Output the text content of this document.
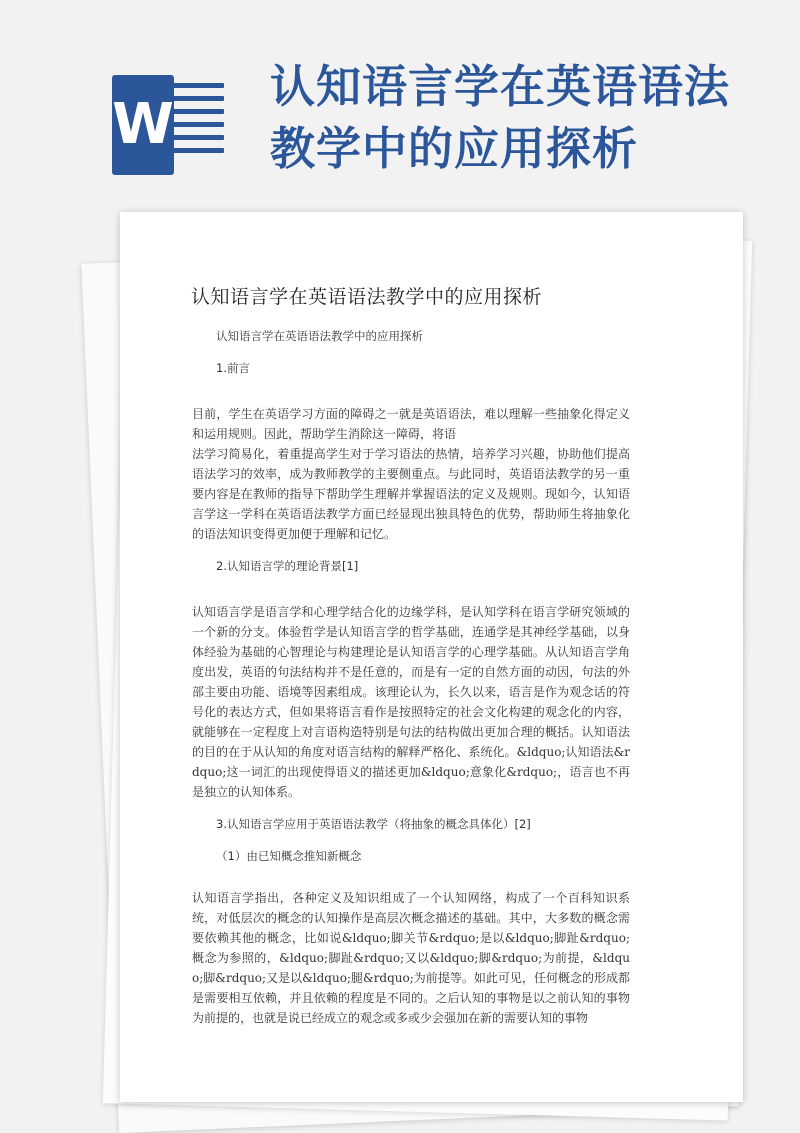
W
认知语言学在英语语法
教学中的应用探析
认知语言学在英语语法教学中的应用探析

认知语言学在英语语法教学中的应用探析

1.前言

目前，学生在英语学习方面的障碍之一就是英语语法，难以理解一些抽象化得定义和运用规则。因此，帮助学生消除这一障碍，将语

法学习简易化，着重提高学生对于学习语法的热情，培养学习兴趣，协助他们提高语法学习的效率，成为教师教学的主要侧重点。与此同时，英语语法教学的另一重要内容是在教师的指导下帮助学生理解并掌握语法的定义及规则。现如今，认知语言学这一学科在英语语法教学方面已经显现出独具特色的优势，帮助师生将抽象化的语法知识变得更加便于理解和记忆。

2.认知语言学的理论背景[1]

认知语言学是语言学和心理学结合化的边缘学科，是认知学科在语言学研究领域的一个新的分支。体验哲学是认知语言学的哲学基础，连通学是其神经学基础，以身体经验为基础的心智理论与构建理论是认知语言学的心理学基础。从认知语言学角度出发，英语的句法结构并不是任意的，而是有一定的自然方面的动因，句法的外部主要由功能、语境等因素组成。该理论认为，长久以来，语言是作为观念话的符号化的表达方式，但如果将语言看作是按照特定的社会文化构建的观念化的内容，就能够在一定程度上对言语构造特别是句法的结构做出更加合理的概括。认知语法的目的在于从认知的角度对语言结构的解释严格化、系统化。&ldquo;认知语法&rdquo;这一词汇的出现使得语义的描述更加&ldquo;意象化&rdquo;，语言也不再是独立的认知体系。

3.认知语言学应用于英语语法教学（将抽象的概念具体化）[2]

（1）由已知概念推知新概念

认知语言学指出，各种定义及知识组成了一个认知网络，构成了一个百科知识系统，对低层次的概念的认知操作是高层次概念描述的基础。其中，大多数的概念需要依赖其他的概念，比如说&ldquo;脚关节&rdquo;是以&ldquo;脚趾&rdquo;概念为参照的，&ldquo;脚趾&rdquo;又以&ldquo;脚&rdquo;为前提，&ldquo;脚&rdquo;又是以&ldquo;腿&rdquo;为前提等。如此可见，任何概念的形成都是需要相互依赖，并且依赖的程度是不同的。之后认知的事物是以之前认知的事物为前提的，也就是说已经成立的观念或多或少会强加在新的需要认知的事物
